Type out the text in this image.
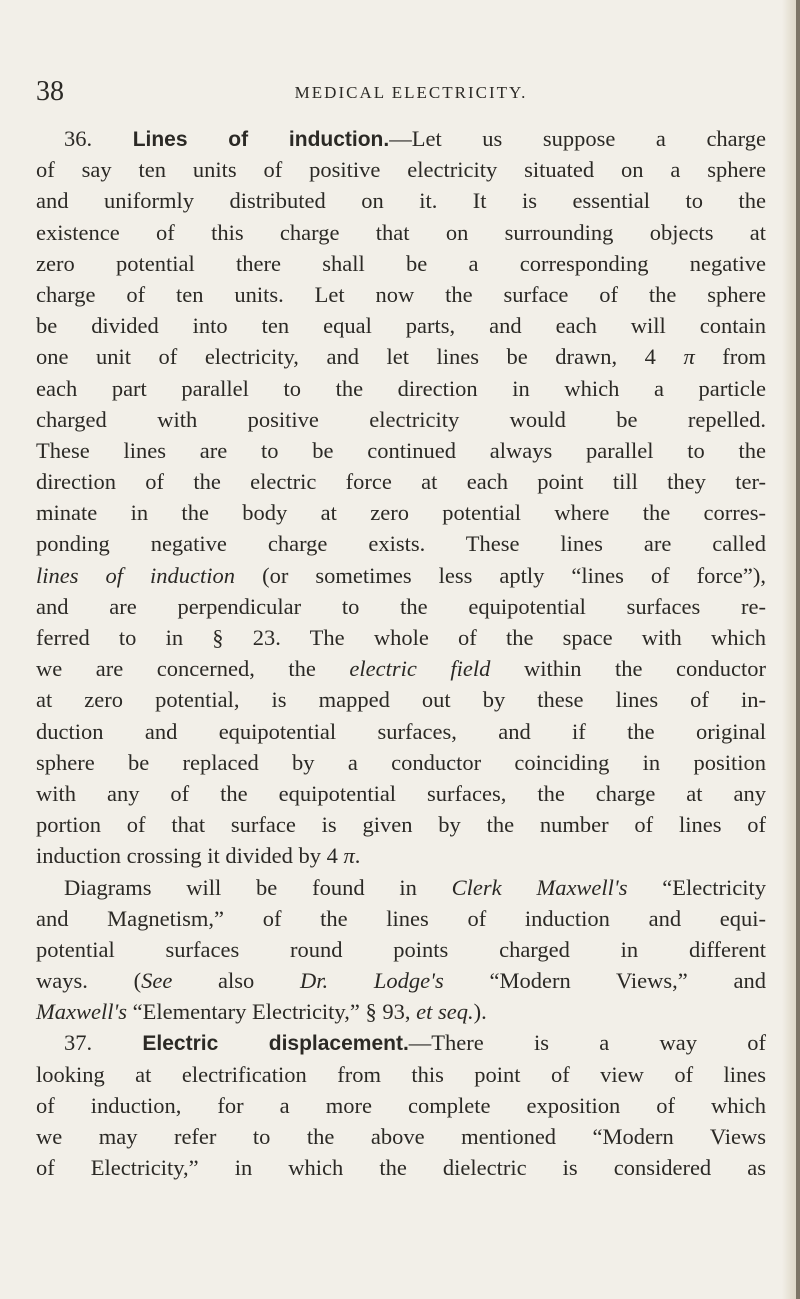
38	MEDICAL ELECTRICITY.
36. Lines of induction.—Let us suppose a charge
of say ten units of positive electricity situated on a sphere
and uniformly distributed on it. It is essential to the
existence of this charge that on surrounding objects at
zero potential there shall be a corresponding negative
charge of ten units. Let now the surface of the sphere
be divided into ten equal parts, and each will contain
one unit of electricity, and let lines be drawn, 4 π from
each part parallel to the direction in which a particle
charged with positive electricity would be repelled.
These lines are to be continued always parallel to the
direction of the electric force at each point till they ter-
minate in the body at zero potential where the corres-
ponding negative charge exists. These lines are called
lines of induction (or sometimes less aptly “lines of force”),
and are perpendicular to the equipotential surfaces re-
ferred to in § 23. The whole of the space with which
we are concerned, the electric field within the conductor
at zero potential, is mapped out by these lines of in-
duction and equipotential surfaces, and if the original
sphere be replaced by a conductor coinciding in position
with any of the equipotential surfaces, the charge at any
portion of that surface is given by the number of lines of
induction crossing it divided by 4 π.
Diagrams will be found in Clerk Maxwell's “Electricity
and Magnetism,” of the lines of induction and equi-
potential surfaces round points charged in different
ways. (See also Dr. Lodge's “Modern Views,” and
Maxwell's “Elementary Electricity,” § 93, et seq.).
37. Electric displacement.—There is a way of
looking at electrification from this point of view of lines
of induction, for a more complete exposition of which
we may refer to the above mentioned “Modern Views
of Electricity,” in which the dielectric is considered as
